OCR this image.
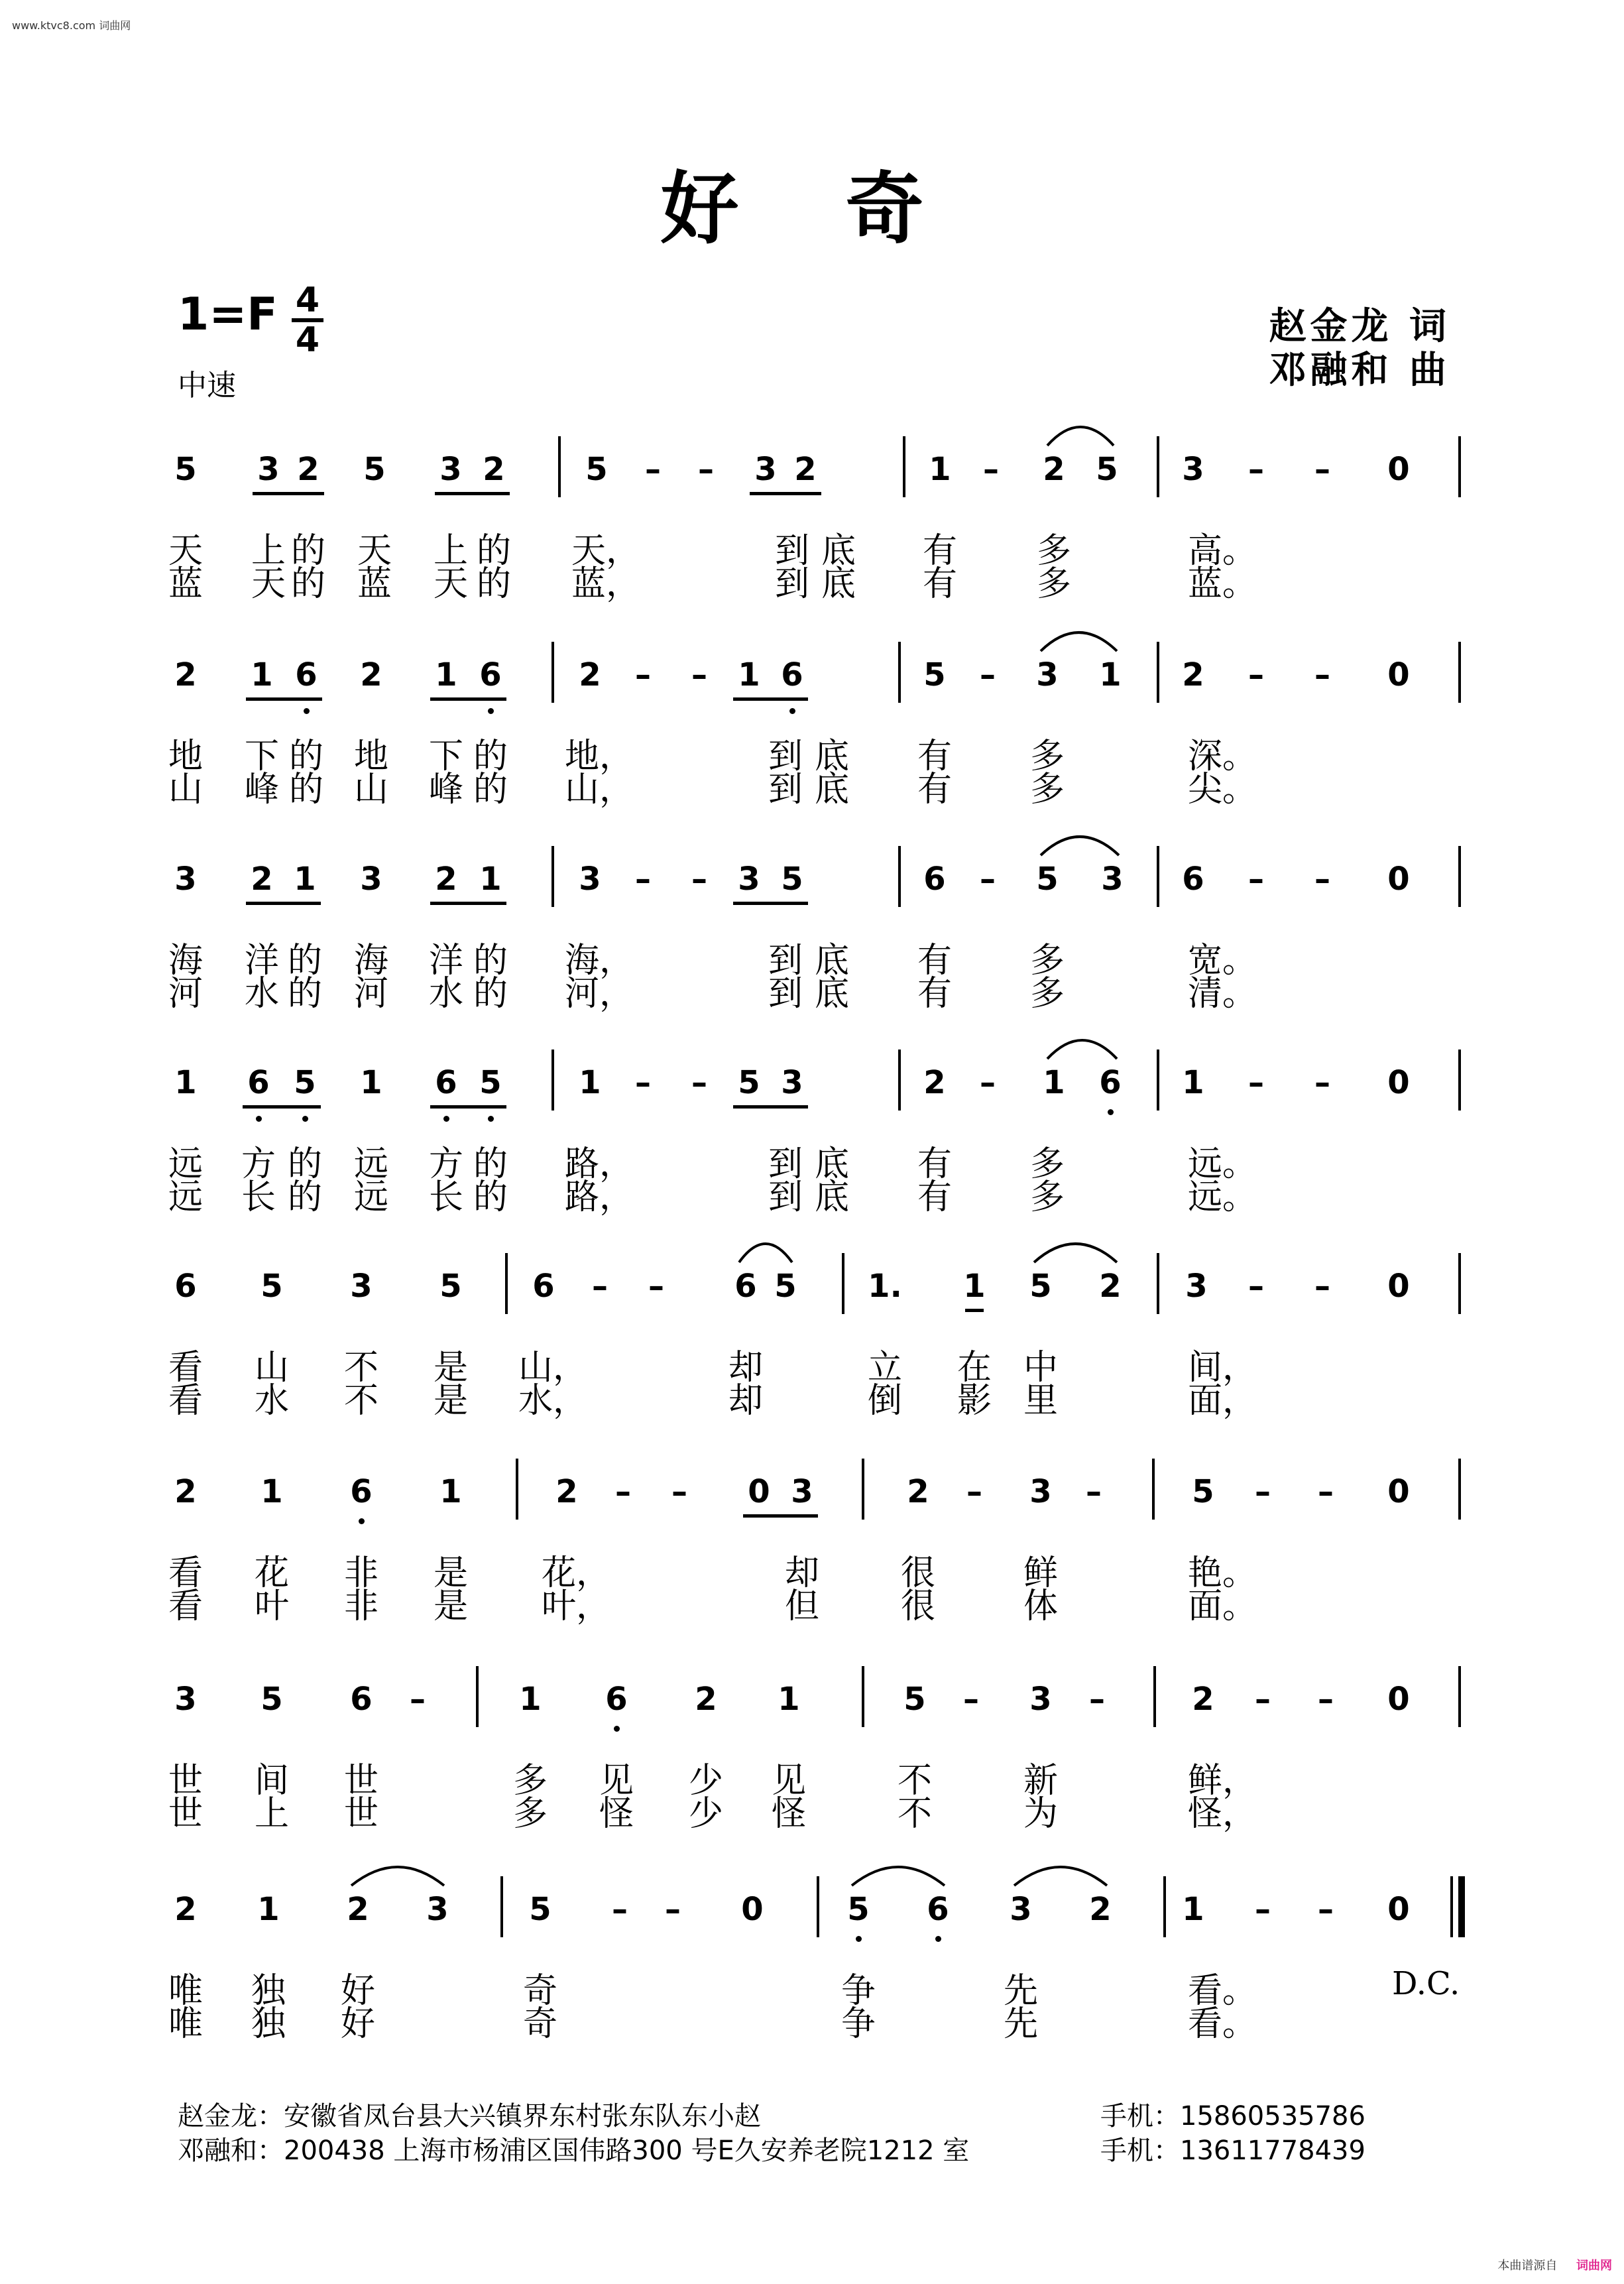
www.ktvc8.com 词曲网
好 奇
1=F 4
4
中速
赵金龙 词
邓融和 曲
5 3 2 5 3 2	5 – – 3 2	1 – 2 5 3 – – 0
天 上 的 天 上 的 天，	到 底 有 多	高。
蓝 天 的 蓝 天 的 蓝，	到 底 有 多	蓝。
2 1 6 2 1 6 2 – – 1 6	5 – 3 1 2 – – 0
地 下 的 地 下 的 地，	到 底 有 多	深。
山 峰 的 山 峰 的 山，	到 底 有 多	尖。
3 2 1 3 2 1 3 – – 3 5	6 – 5 3 6 – – 0
海 洋 的 海 洋 的 海，	到 底 有 多	宽。
河 水 的 河 水 的 河，	到 底 有 多	清。
1 6 5 1 6 5 1 – – 5 3	2 – 1 6 1 – – 0
远 方 的 远 方 的 路，	到 底 有 多	远。
远 长 的 远 长 的 路，	到 底 有 多	远。
6 5 3 5 6 – – 6 5 1. 1 5 2 3 – – 0
看 山 不 是 山，	却	立 在 中	间，
看 水 不 是 水，	却	倒 影 里	面，
2 1 6 1	2 – – 0 3	2 – 3 –	5 – – 0
看 花 非 是 花，	却 很	鲜	艳。
看 叶 非 是 叶，	但 很	体	面。
3 5 6 –	1 6 2 1	5 – 3 –	2 – – 0
世 间 世	多 见 少 见	不	新	鲜，
世 上 世	多 怪 少 怪	不	为	怪，
2 1 2 3	5 – – 0	5 6 3 2 1 – – 0
唯 独 好	奇	争	先	看。
唯 独 好	奇	争	先	看。
D.C.
赵金龙：安徽省凤台县大兴镇界东村张东队东小赵	手机：15860535786
邓融和：200438 上海市杨浦区国伟路300 号E久安养老院1212 室	手机：13611778439
本曲谱源自 词曲网
